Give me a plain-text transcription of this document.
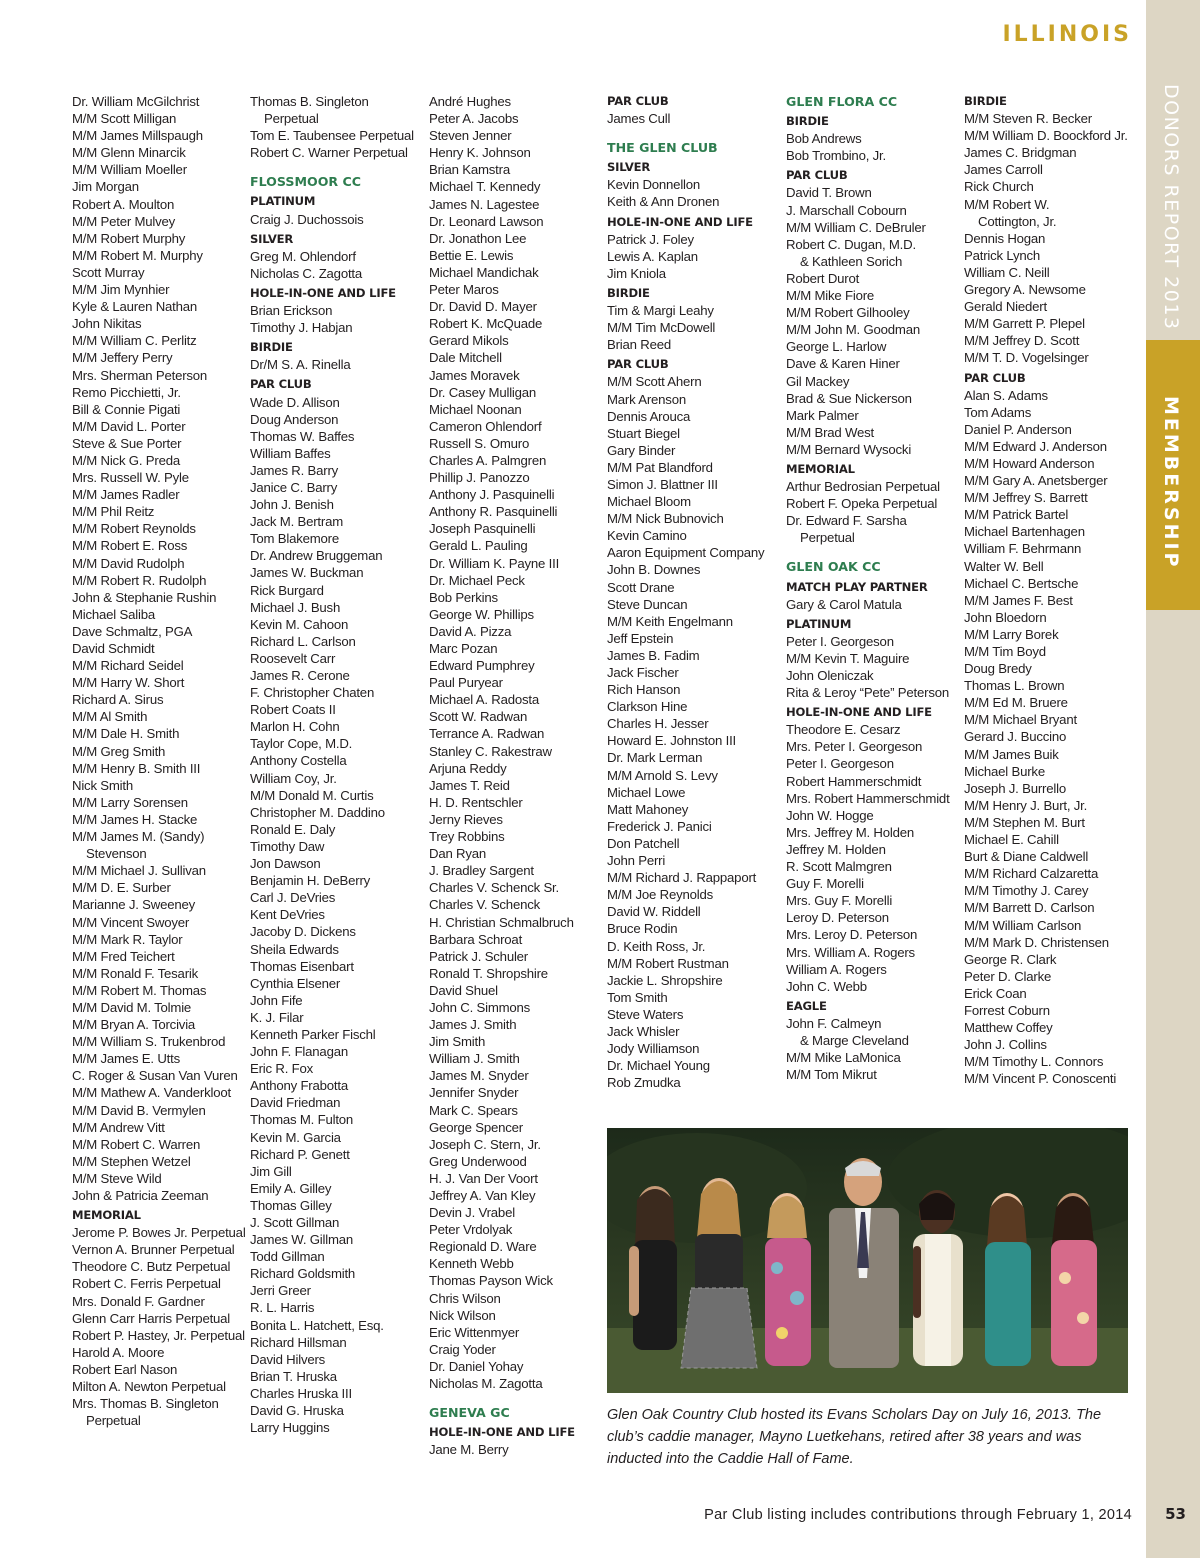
ILLINOIS
DONORS REPORT 2013
MEMBERSHIP
Dr. William McGilchrist
M/M Scott Milligan
M/M James Millspaugh
M/M Glenn Minarcik
M/M William Moeller
Jim Morgan
Robert A. Moulton
M/M Peter Mulvey
M/M Robert Murphy
M/M Robert M. Murphy
Scott Murray
M/M Jim Mynhier
Kyle & Lauren Nathan
John Nikitas
M/M William C. Perlitz
M/M Jeffery Perry
Mrs. Sherman Peterson
Remo Picchietti, Jr.
Bill & Connie Pigati
M/M David L. Porter
Steve & Sue Porter
M/M Nick G. Preda
Mrs. Russell W. Pyle
M/M James Radler
M/M Phil Reitz
M/M Robert Reynolds
M/M Robert E. Ross
M/M David Rudolph
M/M Robert R. Rudolph
John & Stephanie Rushin
Michael Saliba
Dave Schmaltz, PGA
David Schmidt
M/M Richard Seidel
M/M Harry W. Short
Richard A. Sirus
M/M Al Smith
M/M Dale H. Smith
M/M Greg Smith
M/M Henry B. Smith III
Nick Smith
M/M Larry Sorensen
M/M James H. Stacke
M/M James M. (Sandy)
Stevenson
M/M Michael J. Sullivan
M/M D. E. Surber
Marianne J. Sweeney
M/M Vincent Swoyer
M/M Mark R. Taylor
M/M Fred Teichert
M/M Ronald F. Tesarik
M/M Robert M. Thomas
M/M David M. Tolmie
M/M Bryan A. Torcivia
M/M William S. Trukenbrod
M/M James E. Utts
C. Roger & Susan Van Vuren
M/M Mathew A. Vanderkloot
M/M David B. Vermylen
M/M Andrew Vitt
M/M Robert C. Warren
M/M Stephen Wetzel
M/M Steve Wild
John & Patricia Zeeman
MEMORIAL
Jerome P. Bowes Jr. Perpetual
Vernon A. Brunner Perpetual
Theodore C. Butz Perpetual
Robert C. Ferris Perpetual
Mrs. Donald F. Gardner
Glenn Carr Harris Perpetual
Robert P. Hastey, Jr. Perpetual
Harold A. Moore
Robert Earl Nason
Milton A. Newton Perpetual
Mrs. Thomas B. Singleton
Perpetual
Thomas B. Singleton
Perpetual
Tom E. Taubensee Perpetual
Robert C. Warner Perpetual
FLOSSMOOR CC
PLATINUM
Craig J. Duchossois
SILVER
Greg M. Ohlendorf
Nicholas C. Zagotta
HOLE-IN-ONE AND LIFE
Brian Erickson
Timothy J. Habjan
BIRDIE
Dr/M S. A. Rinella
PAR CLUB
Wade D. Allison
Doug Anderson
Thomas W. Baffes
William Baffes
James R. Barry
Janice C. Barry
John J. Benish
Jack M. Bertram
Tom Blakemore
Dr. Andrew Bruggeman
James W. Buckman
Rick Burgard
Michael J. Bush
Kevin M. Cahoon
Richard L. Carlson
Roosevelt Carr
James R. Cerone
F. Christopher Chaten
Robert Coats II
Marlon H. Cohn
Taylor Cope, M.D.
Anthony Costella
William Coy, Jr.
M/M Donald M. Curtis
Christopher M. Daddino
Ronald E. Daly
Timothy Daw
Jon Dawson
Benjamin H. DeBerry
Carl J. DeVries
Kent DeVries
Jacoby D. Dickens
Sheila Edwards
Thomas Eisenbart
Cynthia Elsener
John Fife
K. J. Filar
Kenneth Parker Fischl
John F. Flanagan
Eric R. Fox
Anthony Frabotta
David Friedman
Thomas M. Fulton
Kevin M. Garcia
Richard P. Genett
Jim Gill
Emily A. Gilley
Thomas Gilley
J. Scott Gillman
James W. Gillman
Todd Gillman
Richard Goldsmith
Jerri Greer
R. L. Harris
Bonita L. Hatchett, Esq.
Richard Hillsman
David Hilvers
Brian T. Hruska
Charles Hruska III
David G. Hruska
Larry Huggins
André Hughes
Peter A. Jacobs
Steven Jenner
Henry K. Johnson
Brian Kamstra
Michael T. Kennedy
James N. Lagestee
Dr. Leonard Lawson
Dr. Jonathon Lee
Bettie E. Lewis
Michael Mandichak
Peter Maros
Dr. David D. Mayer
Robert K. McQuade
Gerard Mikols
Dale Mitchell
James Moravek
Dr. Casey Mulligan
Michael Noonan
Cameron Ohlendorf
Russell S. Omuro
Charles A. Palmgren
Phillip J. Panozzo
Anthony J. Pasquinelli
Anthony R. Pasquinelli
Joseph Pasquinelli
Gerald L. Pauling
Dr. William K. Payne III
Dr. Michael Peck
Bob Perkins
George W. Phillips
David A. Pizza
Marc Pozan
Edward Pumphrey
Paul Puryear
Michael A. Radosta
Scott W. Radwan
Terrance A. Radwan
Stanley C. Rakestraw
Arjuna Reddy
James T. Reid
H. D. Rentschler
Jerny Rieves
Trey Robbins
Dan Ryan
J. Bradley Sargent
Charles V. Schenck Sr.
Charles V. Schenck
H. Christian Schmalbruch
Barbara Schroat
Patrick J. Schuler
Ronald T. Shropshire
David Shuel
John C. Simmons
James J. Smith
Jim Smith
William J. Smith
James M. Snyder
Jennifer Snyder
Mark C. Spears
George Spencer
Joseph C. Stern, Jr.
Greg Underwood
H. J. Van Der Voort
Jeffrey A. Van Kley
Devin J. Vrabel
Peter Vrdolyak
Regionald D. Ware
Kenneth Webb
Thomas Payson Wick
Chris Wilson
Nick Wilson
Eric Wittenmyer
Craig Yoder
Dr. Daniel Yohay
Nicholas M. Zagotta
GENEVA GC
HOLE-IN-ONE AND LIFE
Jane M. Berry
PAR CLUB
James Cull
THE GLEN CLUB
SILVER
Kevin Donnellon
Keith & Ann Dronen
HOLE-IN-ONE AND LIFE
Patrick J. Foley
Lewis A. Kaplan
Jim Kniola
BIRDIE
Tim & Margi Leahy
M/M Tim McDowell
Brian Reed
PAR CLUB
M/M Scott Ahern
Mark Arenson
Dennis Arouca
Stuart Biegel
Gary Binder
M/M Pat Blandford
Simon J. Blattner III
Michael Bloom
M/M Nick Bubnovich
Kevin Camino
Aaron Equipment Company
John B. Downes
Scott Drane
Steve Duncan
M/M Keith Engelmann
Jeff Epstein
James B. Fadim
Jack Fischer
Rich Hanson
Clarkson Hine
Charles H. Jesser
Howard E. Johnston III
Dr. Mark Lerman
M/M Arnold S. Levy
Michael Lowe
Matt Mahoney
Frederick J. Panici
Don Patchell
John Perri
M/M Richard J. Rappaport
M/M Joe Reynolds
David W. Riddell
Bruce Rodin
D. Keith Ross, Jr.
M/M Robert Rustman
Jackie L. Shropshire
Tom Smith
Steve Waters
Jack Whisler
Jody Williamson
Dr. Michael Young
Rob Zmudka
GLEN FLORA CC
BIRDIE
Bob Andrews
Bob Trombino, Jr.
PAR CLUB
David T. Brown
J. Marschall Cobourn
M/M William C. DeBruler
Robert C. Dugan, M.D.
& Kathleen Sorich
Robert Durot
M/M Mike Fiore
M/M Robert Gilhooley
M/M John M. Goodman
George L. Harlow
Dave & Karen Hiner
Gil Mackey
Brad & Sue Nickerson
Mark Palmer
M/M Brad West
M/M Bernard Wysocki
MEMORIAL
Arthur Bedrosian Perpetual
Robert F. Opeka Perpetual
Dr. Edward F. Sarsha
Perpetual
GLEN OAK CC
MATCH PLAY PARTNER
Gary & Carol Matula
PLATINUM
Peter I. Georgeson
M/M Kevin T. Maguire
John Oleniczak
Rita & Leroy “Pete” Peterson
HOLE-IN-ONE AND LIFE
Theodore E. Cesarz
Mrs. Peter I. Georgeson
Peter I. Georgeson
Robert Hammerschmidt
Mrs. Robert Hammerschmidt
John W. Hogge
Mrs. Jeffrey M. Holden
Jeffrey M. Holden
R. Scott Malmgren
Guy F. Morelli
Mrs. Guy F. Morelli
Leroy D. Peterson
Mrs. Leroy D. Peterson
Mrs. William A. Rogers
William A. Rogers
John C. Webb
EAGLE
John F. Calmeyn
& Marge Cleveland
M/M Mike LaMonica
M/M Tom Mikrut
BIRDIE
M/M Steven R. Becker
M/M William D. Boockford Jr.
James C. Bridgman
James Carroll
Rick Church
M/M Robert W.
Cottington, Jr.
Dennis Hogan
Patrick Lynch
William C. Neill
Gregory A. Newsome
Gerald Niedert
M/M Garrett P. Plepel
M/M Jeffrey D. Scott
M/M T. D. Vogelsinger
PAR CLUB
Alan S. Adams
Tom Adams
Daniel P. Anderson
M/M Edward J. Anderson
M/M Howard Anderson
M/M Gary A. Anetsberger
M/M Jeffrey S. Barrett
M/M Patrick Bartel
Michael Bartenhagen
William F. Behrmann
Walter W. Bell
Michael C. Bertsche
M/M James F. Best
John Bloedorn
M/M Larry Borek
M/M Tim Boyd
Doug Bredy
Thomas L. Brown
M/M Ed M. Bruere
M/M Michael Bryant
Gerard J. Buccino
M/M James Buik
Michael Burke
Joseph J. Burrello
M/M Henry J. Burt, Jr.
M/M Stephen M. Burt
Michael E. Cahill
Burt & Diane Caldwell
M/M Richard Calzaretta
M/M Timothy J. Carey
M/M Barrett D. Carlson
M/M William Carlson
M/M Mark D. Christensen
George R. Clark
Peter D. Clarke
Erick Coan
Forrest Coburn
Matthew Coffey
John J. Collins
M/M Timothy L. Connors
M/M Vincent P. Conoscenti
Glen Oak Country Club hosted its Evans Scholars Day on July 16, 2013. The club’s caddie manager, Mayno Luetkehans, retired after 38 years and was inducted into the Caddie Hall of Fame.
Par Club listing includes contributions through February 1, 2014 53
